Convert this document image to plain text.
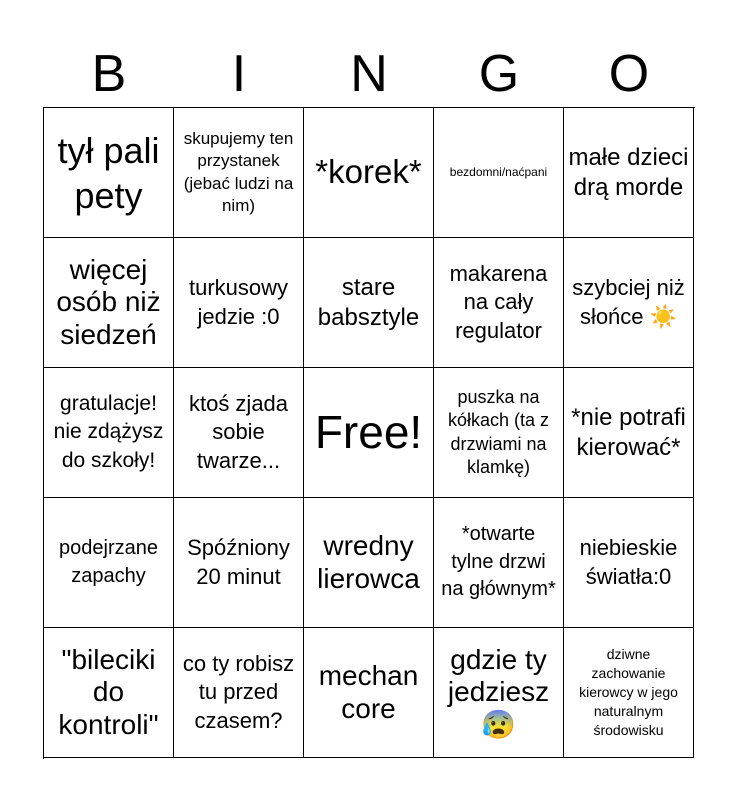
B	I	N	G	O
tył pali pety
skupujemy ten przystanek (jebać ludzi na nim)
*korek* bezdomni/naćpani
małe dzieci drą morde
więcej osób niż siedzeń
turkusowy jedzie :0
stare babsztyle
makarena na cały regulator
szybciej niż słońce ☀️
gratulacje! nie zdążysz do szkoły!
ktoś zjada sobie twarze...
Free!
puszka na kółkach (ta z drzwiami na klamkę)
*nie potrafi kierować*
podejrzane zapachy
Spóźniony 20 minut
wredny lierowca
*otwarte tylne drzwi na głównym*
niebieskie światła:0
"bileciki do kontroli"
co ty robisz tu przed czasem?
mechan core
gdzie ty jedziesz 😰
dziwne zachowanie kierowcy w jego naturalnym środowisku
